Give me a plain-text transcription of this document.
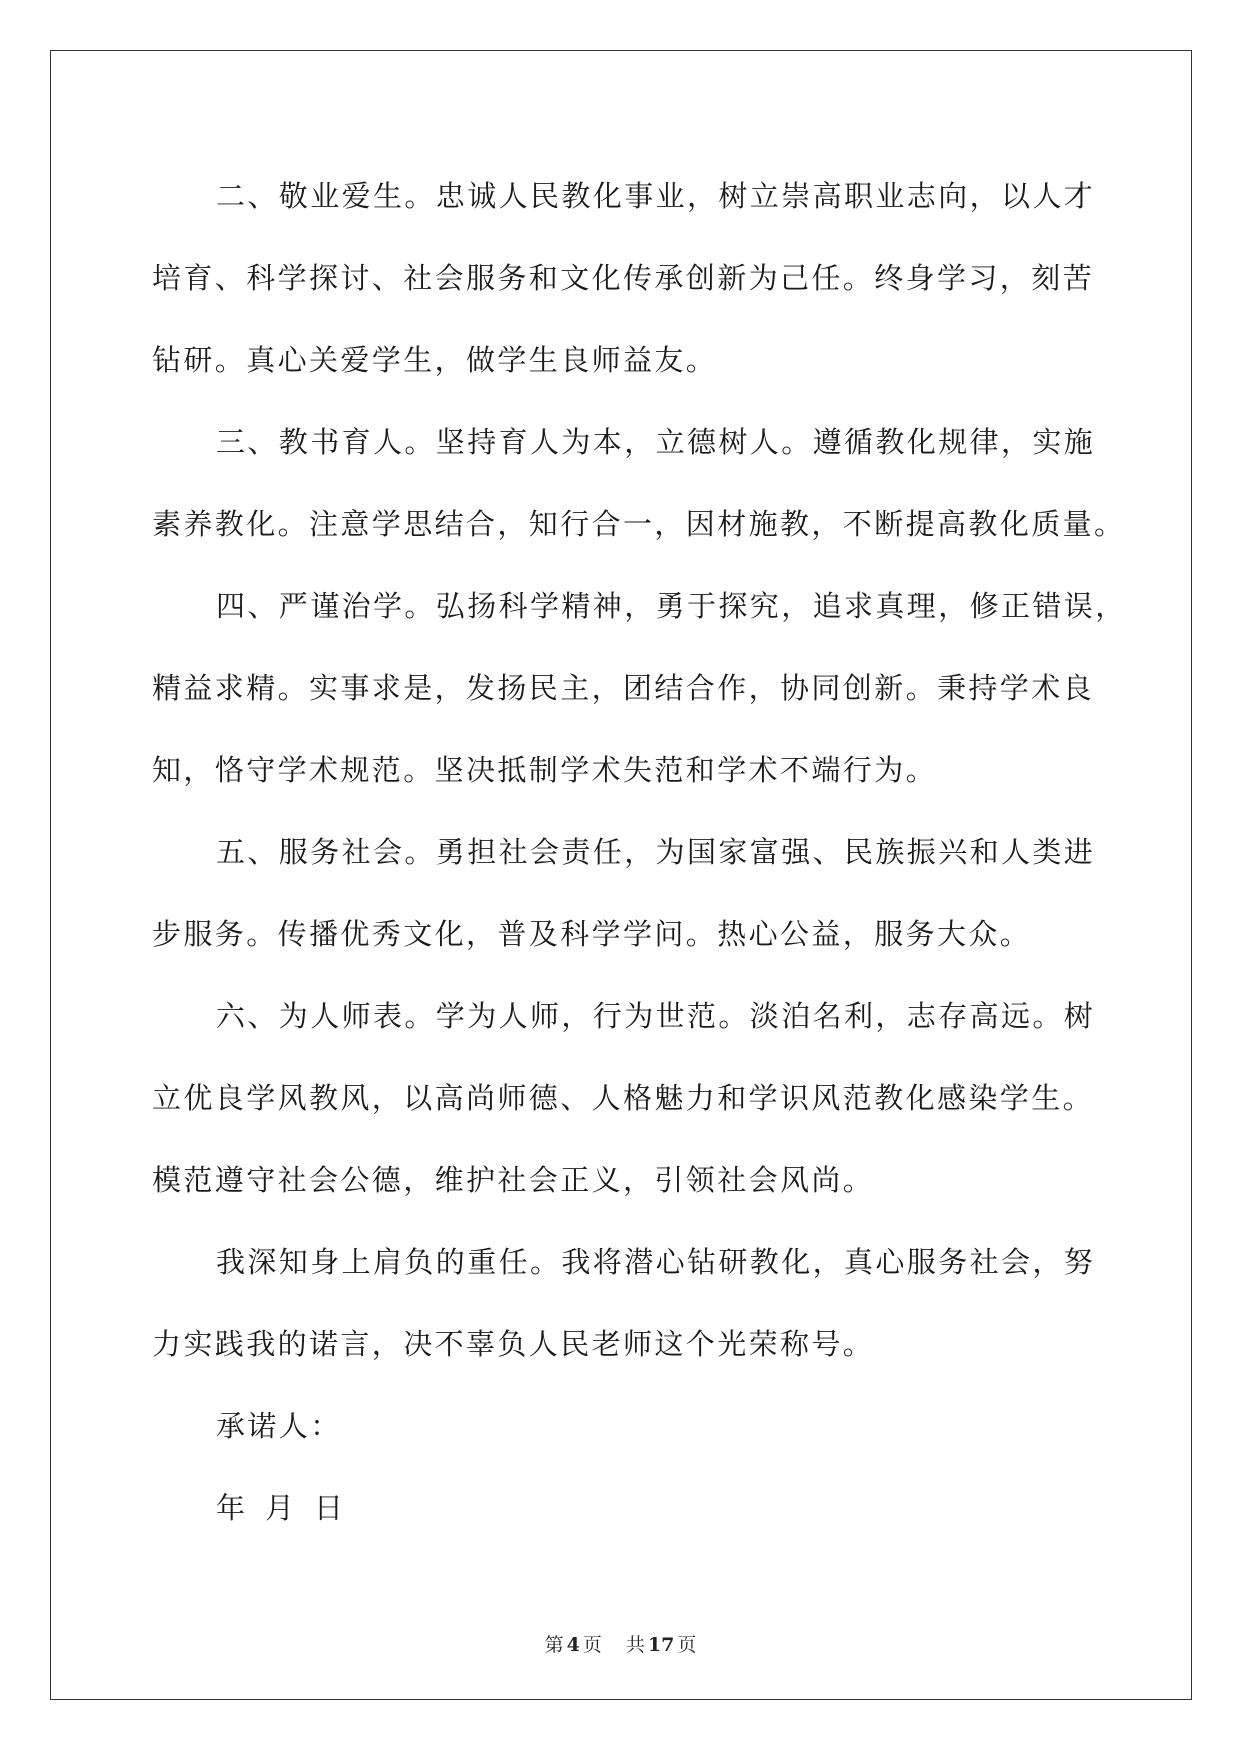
二、敬业爱生。忠诚人民教化事业，树立崇高职业志向，以人才
培育、科学探讨、社会服务和文化传承创新为己任。终身学习，刻苦
钻研。真心关爱学生，做学生良师益友。
三、教书育人。坚持育人为本，立德树人。遵循教化规律，实施
素养教化。注意学思结合，知行合一，因材施教，不断提高教化质量。
四、严谨治学。弘扬科学精神，勇于探究，追求真理，修正错误，
精益求精。实事求是，发扬民主，团结合作，协同创新。秉持学术良
知，恪守学术规范。坚决抵制学术失范和学术不端行为。
五、服务社会。勇担社会责任，为国家富强、民族振兴和人类进
步服务。传播优秀文化，普及科学学问。热心公益，服务大众。
六、为人师表。学为人师，行为世范。淡泊名利，志存高远。树
立优良学风教风，以高尚师德、人格魅力和学识风范教化感染学生。
模范遵守社会公德，维护社会正义，引领社会风尚。
我深知身上肩负的重任。我将潜心钻研教化，真心服务社会，努
力实践我的诺言，决不辜负人民老师这个光荣称号。

承诺人：

年 月 日

第 4 页 共 17 页
